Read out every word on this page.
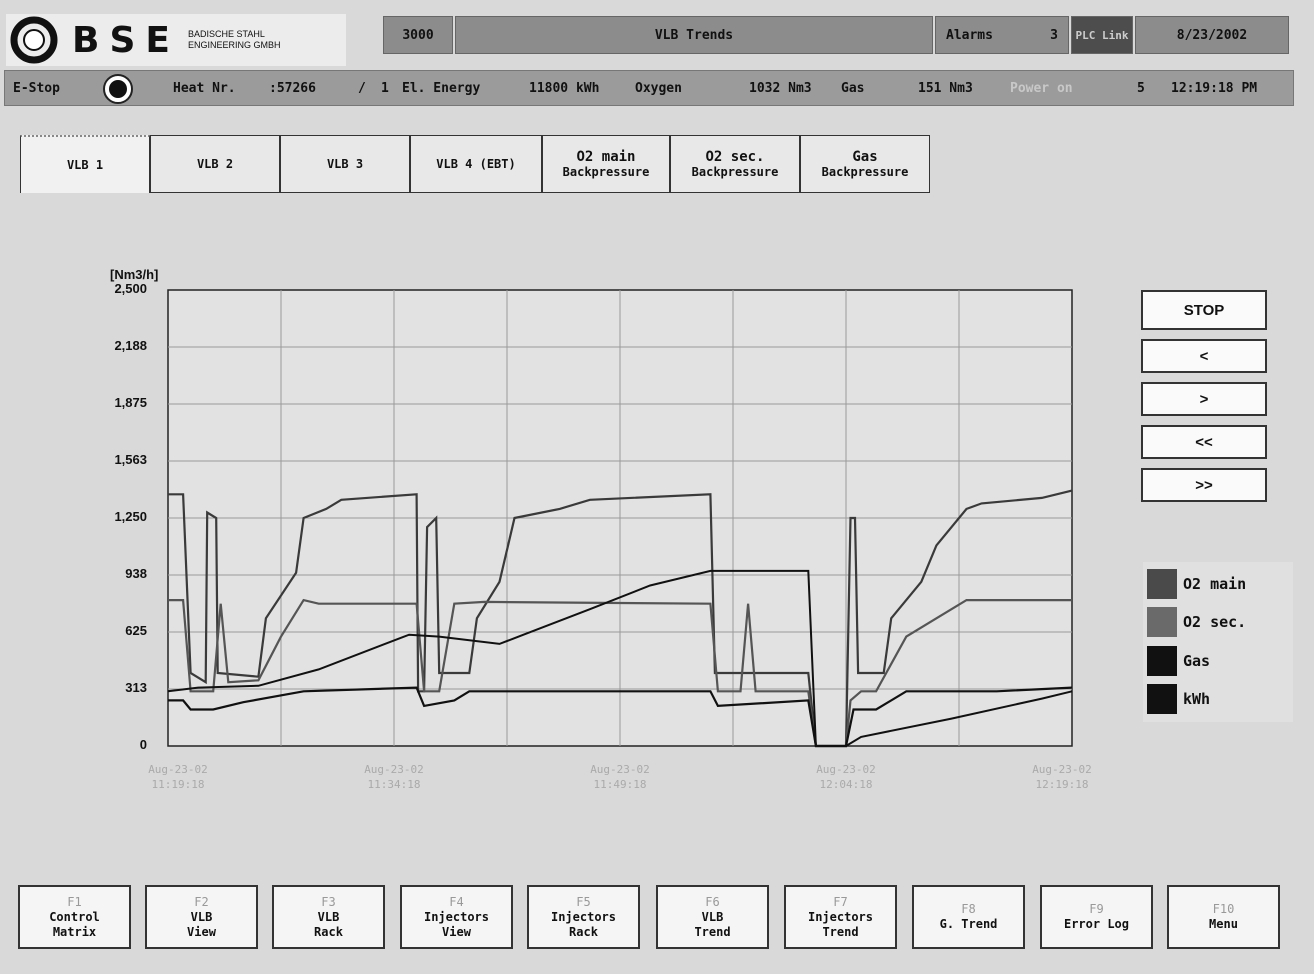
BSE BADISCHE STAHL
ENGINEERING GMBH
3000	VLB Trends	Alarms	3	PLC Link	8/23/2002
E-Stop	Heat Nr.	:57266	/ 1 El. Energy	11800 kWh	Oxygen	1032 Nm3 Gas	151 Nm3	Power on	5 12:19:18 PM
VLB 1	VLB 2	VLB 3	VLB 4 (EBT)	O2 main
Backpressure
O2 sec.
Backpressure
Gas
Backpressure
[Nm3/h]
2,500
2,188
1,875
1,563
1,250
938
625
313
0
Aug-23-02
11:19:18
Aug-23-02
11:34:18
Aug-23-02
11:49:18
Aug-23-02
12:04:18
Aug-23-02
12:19:18
STOP
<
>
<<
>>
O2 main
O2 sec.
Gas
kWh
F1
Control
Matrix
F2
VLB
View
F3
VLB
Rack
F4
Injectors
View
F5
Injectors
Rack
F6
VLB
Trend
F7
Injectors
Trend
F8
G. Trend
F9
Error Log
F10
Menu
